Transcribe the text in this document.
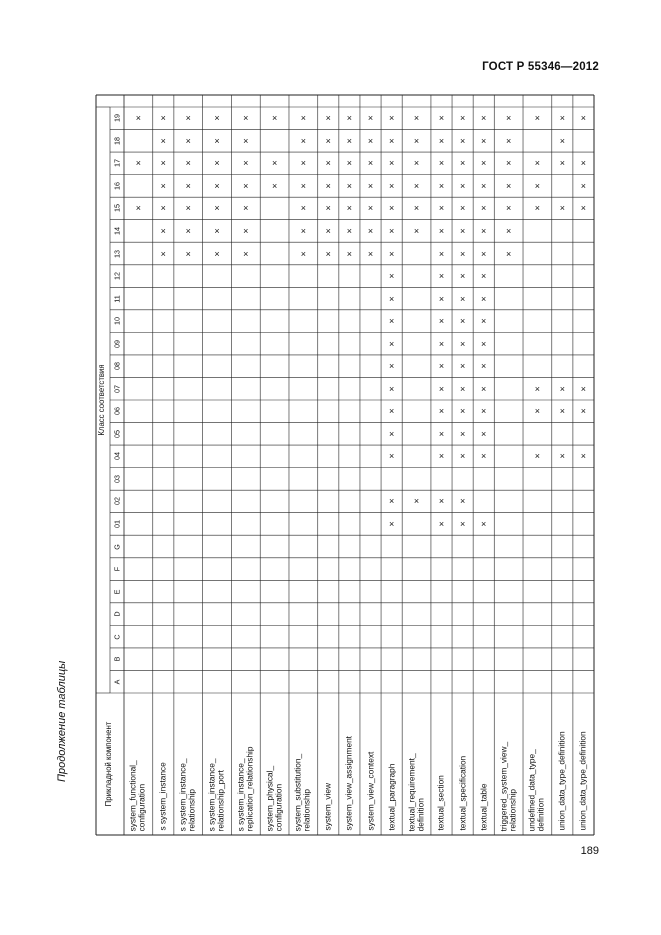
ГОСТ Р 55346—2012
Продолжение таблицы	Прикладной компонент
Класс соответствия
A
B
C
D
E
F
G
01
02
03
04
05
06
07
08
09
10
11
12
13
14
15
16
17
18
19
system_functional_ configuration
×
×
×
s system_instance
×
×
×
×
×
×
×
s system_instance_ relationship
×
×
×
×
×
×
×
s system_instance_ relationship_port
×
×
×
×
×
×
×
s system_instance_ replication_relationship
×
×
×
×
×
×
×
system_physical_ configuration
×
×
×
system_substitution_ relationship
×
×
×
×
×
×
×
system_view
×
×
×
×
×
×
×
system_view_assignment
×
×
×
×
×
×
×
system_view_context
×
×
×
×
×
×
×
textual_paragraph
×
×
×
×
×
×
×
×
×
×
×
×
×
×
×
×
×
×
textual_requirement_ definition
×
×
×
×
×
×
×
textual_section
×
×
×
×
×
×
×
×
×
×
×
×
×
×
×
×
×
×
textual_specification
×
×
×
×
×
×
×
×
×
×
×
×
×
×
×
×
×
×
textual_table
×
×
×
×
×
×
×
×
×
×
×
×
×
×
×
×
×
triggered_system_view_ relationship
×
×
×
×
×
×
×
undefined_data_type_ definition
×
×
×
×
×
×
×
union_data_type_definition
×
×
×
×
×
×
×
union_data_type_definition
×
×
×
×
×
×
×
189
